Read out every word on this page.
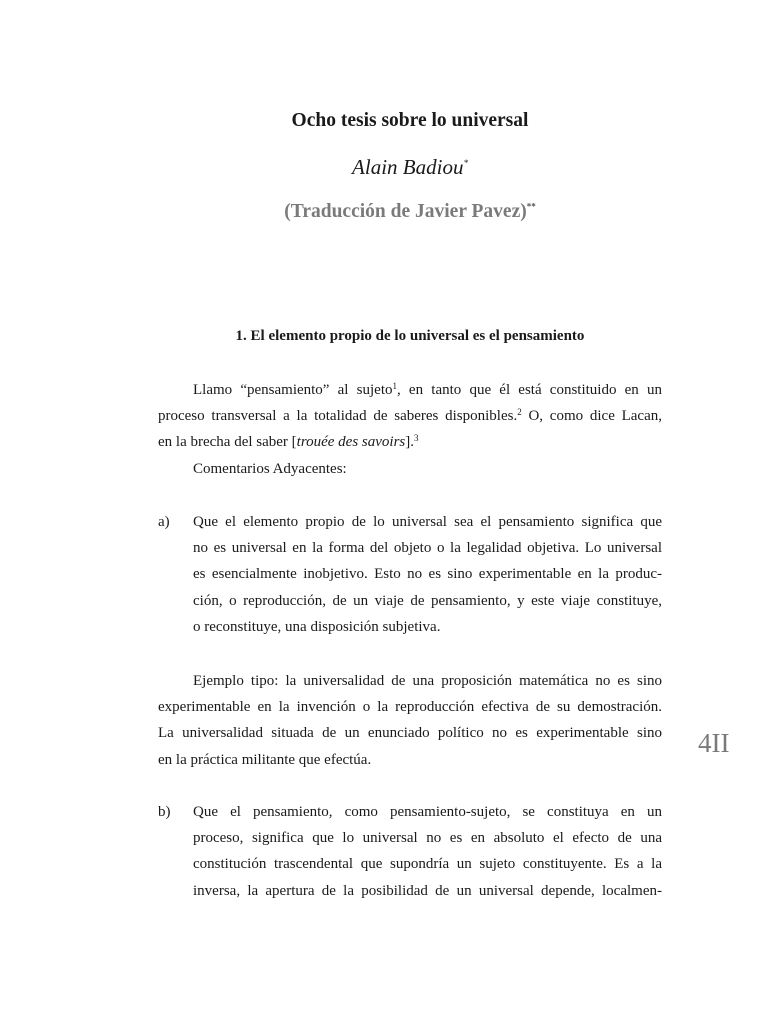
Ocho tesis sobre lo universal
Alain Badiou*
(Traducción de Javier Pavez)**
1. El elemento propio de lo universal es el pensamiento
Llamo “pensamiento” al sujeto$^1$, en tanto que él está constituido en un
proceso transversal a la totalidad de saberes disponibles.$^2$ O, como dice Lacan,
en la brecha del saber [trouée des savoirs].$^3$
Comentarios Adyacentes:
a) Que el elemento propio de lo universal sea el pensamiento significa que
no es universal en la forma del objeto o la legalidad objetiva. Lo universal
es esencialmente inobjetivo. Esto no es sino experimentable en la produc-
ción, o reproducción, de un viaje de pensamiento, y este viaje constituye,
o reconstituye, una disposición subjetiva.
Ejemplo tipo: la universalidad de una proposición matemática no es sino
experimentable en la invención o la reproducción efectiva de su demostración.
La universalidad situada de un enunciado político no es experimentable sino
en la práctica militante que efectúa.
b) Que el pensamiento, como pensamiento-sujeto, se constituya en un
proceso, significa que lo universal no es en absoluto el efecto de una
constitución trascendental que supondría un sujeto constituyente. Es a la
inversa, la apertura de la posibilidad de un universal depende, localmen-
4II
